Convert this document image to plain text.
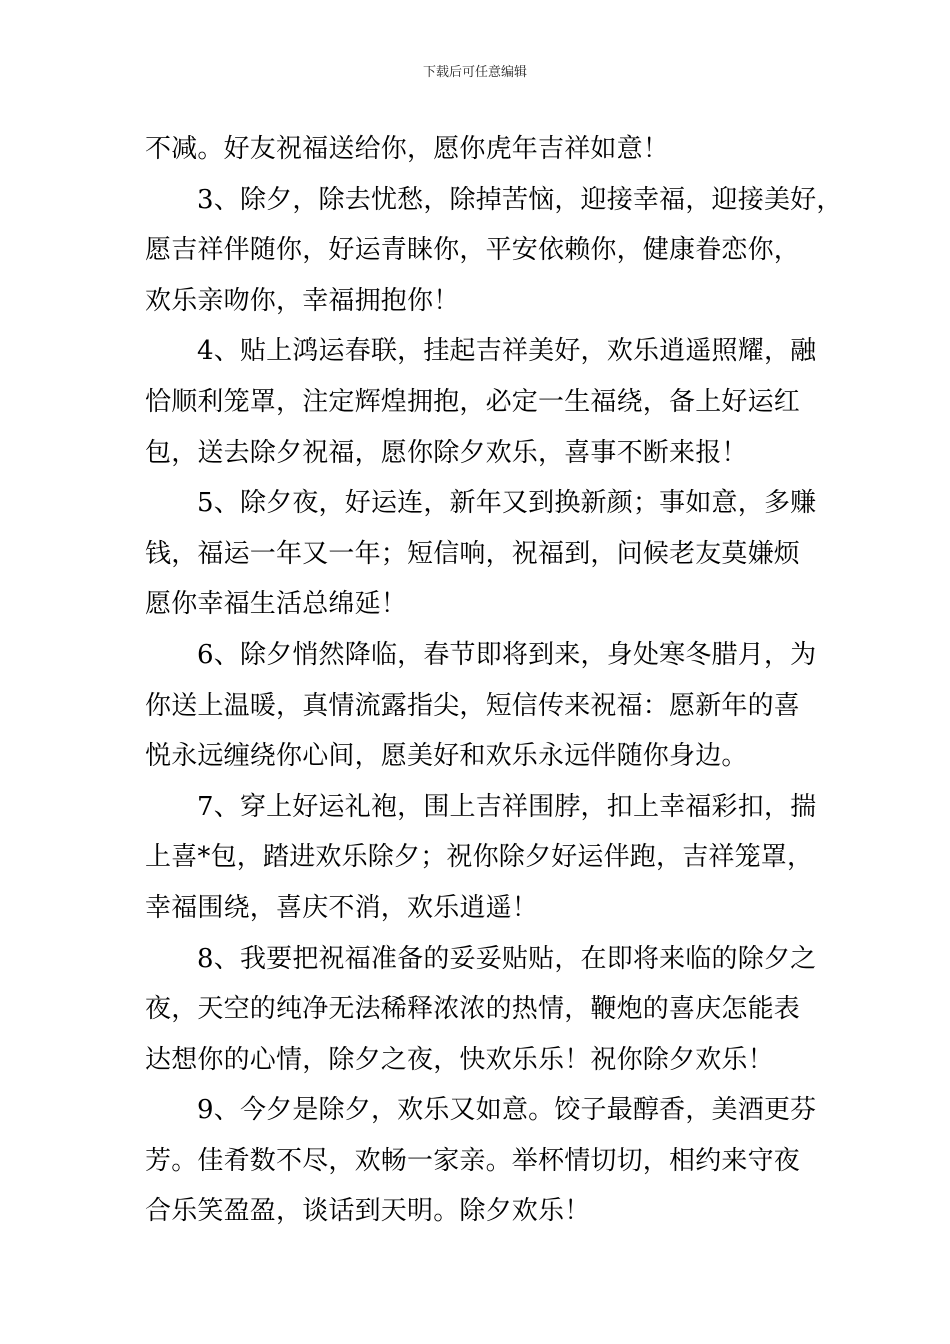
下载后可任意编辑
不减。好友祝福送给你，愿你虎年吉祥如意！
3、除夕，除去忧愁，除掉苦恼，迎接幸福，迎接美好，
愿吉祥伴随你，好运青睐你，平安依赖你，健康眷恋你，
欢乐亲吻你，幸福拥抱你！
4、贴上鸿运春联，挂起吉祥美好，欢乐逍遥照耀，融
恰顺利笼罩，注定辉煌拥抱，必定一生福绕，备上好运红
包，送去除夕祝福，愿你除夕欢乐，喜事不断来报！
5、除夕夜，好运连，新年又到换新颜；事如意，多赚
钱，福运一年又一年；短信响，祝福到，问候老友莫嫌烦
愿你幸福生活总绵延！
6、除夕悄然降临，春节即将到来，身处寒冬腊月，为
你送上温暖，真情流露指尖，短信传来祝福：愿新年的喜
悦永远缠绕你心间，愿美好和欢乐永远伴随你身边。
7、穿上好运礼袍，围上吉祥围脖，扣上幸福彩扣，揣
上喜*包，踏进欢乐除夕；祝你除夕好运伴跑，吉祥笼罩，
幸福围绕，喜庆不消，欢乐逍遥！
8、我要把祝福准备的妥妥贴贴，在即将来临的除夕之
夜，天空的纯净无法稀释浓浓的热情，鞭炮的喜庆怎能表
达想你的心情，除夕之夜，快欢乐乐！祝你除夕欢乐！
9、今夕是除夕，欢乐又如意。饺子最醇香，美酒更芬
芳。佳肴数不尽，欢畅一家亲。举杯情切切，相约来守夜
合乐笑盈盈，谈话到天明。除夕欢乐！
